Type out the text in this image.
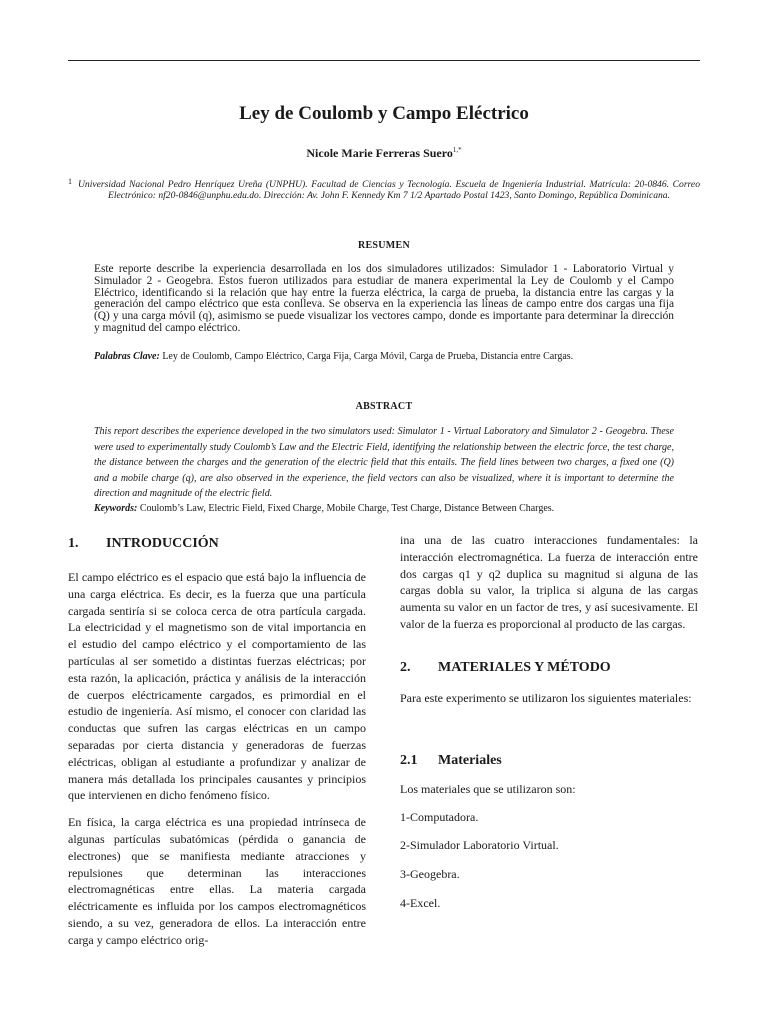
Ley de Coulomb y Campo Eléctrico
Nicole Marie Ferreras Suero$^{1,*}$
1 Universidad Nacional Pedro Henríquez Ureña (UNPHU). Facultad de Ciencias y Tecnología. Escuela de Ingeniería Industrial. Matrícula: 20-0846. Correo
Electrónico: nf20-0846@unphu.edu.do. Dirección: Av. John F. Kennedy Km 7 1/2 Apartado Postal 1423, Santo Domingo, República Dominicana.
RESUMEN
Este reporte describe la experiencia desarrollada en los dos simuladores utilizados: Simulador 1 - Laboratorio Virtual y Simulador 2 - Geogebra. Estos fueron utilizados para estudiar de manera experimental la Ley de Coulomb y el Campo Eléctrico, identificando si la relación que hay entre la fuerza eléctrica, la carga de prueba, la distancia entre las cargas y la generación del campo eléctrico que esta conlleva. Se observa en la experiencia las líneas de campo entre dos cargas una fija (Q) y una carga móvil (q), asimismo se puede visualizar los vectores campo, donde es importante para determinar la dirección y magnitud del campo eléctrico.
Palabras Clave: Ley de Coulomb, Campo Eléctrico, Carga Fija, Carga Móvil, Carga de Prueba, Distancia entre Cargas.
ABSTRACT
This report describes the experience developed in the two simulators used: Simulator 1 - Virtual Laboratory and Simulator 2 - Geogebra. These were used to experimentally study Coulomb’s Law and the Electric Field, identifying the relationship between the electric force, the test charge, the distance between the charges and the generation of the electric field that this entails. The field lines between two charges, a fixed one (Q) and a mobile charge (q), are also observed in the experience, the field vectors can also be visualized, where it is important to determine the direction and magnitude of the electric field.
Keywords: Coulomb’s Law, Electric Field, Fixed Charge, Mobile Charge, Test Charge, Distance Between Charges.
1. INTRODUCCIÓN

El campo eléctrico es el espacio que está bajo la influencia de una carga eléctrica. Es decir, es la fuerza que una partícula cargada sentiría si se coloca cerca de otra partícula cargada. La electricidad y el magnetismo son de vital importancia en el estudio del campo eléctrico y el comportamiento de las partículas al ser sometido a distintas fuerzas eléctricas; por esta razón, la aplicación, práctica y análisis de la interacción de cuerpos eléctricamente cargados, es primordial en el estudio de ingeniería. Así mismo, el conocer con claridad las conductas que sufren las cargas eléctricas en un campo separadas por cierta distancia y generadoras de fuerzas eléctricas, obligan al estudiante a profundizar y analizar de manera más detallada los principales causantes y principios que intervienen en dicho fenómeno físico.

En física, la carga eléctrica es una propiedad intrínseca de algunas partículas subatómicas (pérdida o ganancia de electrones) que se manifiesta mediante atracciones y repulsiones que determinan las interacciones electromagnéticas entre ellas. La materia cargada eléctricamente es influida por los campos electromagnéticos siendo, a su vez, generadora de ellos. La interacción entre carga y campo eléctrico orig-

ina una de las cuatro interacciones fundamentales: la interacción electromagnética. La fuerza de interacción entre dos cargas q1 y q2 duplica su magnitud si alguna de las cargas dobla su valor, la triplica si alguna de las cargas aumenta su valor en un factor de tres, y así sucesivamente. El valor de la fuerza es proporcional al producto de las cargas.

2. MATERIALES Y MÉTODO
Para este experimento se utilizaron los siguientes materiales:
2.1 Materiales
Los materiales que se utilizaron son:
1-Computadora.
2-Simulador Laboratorio Virtual.
3-Geogebra.
4-Excel.
